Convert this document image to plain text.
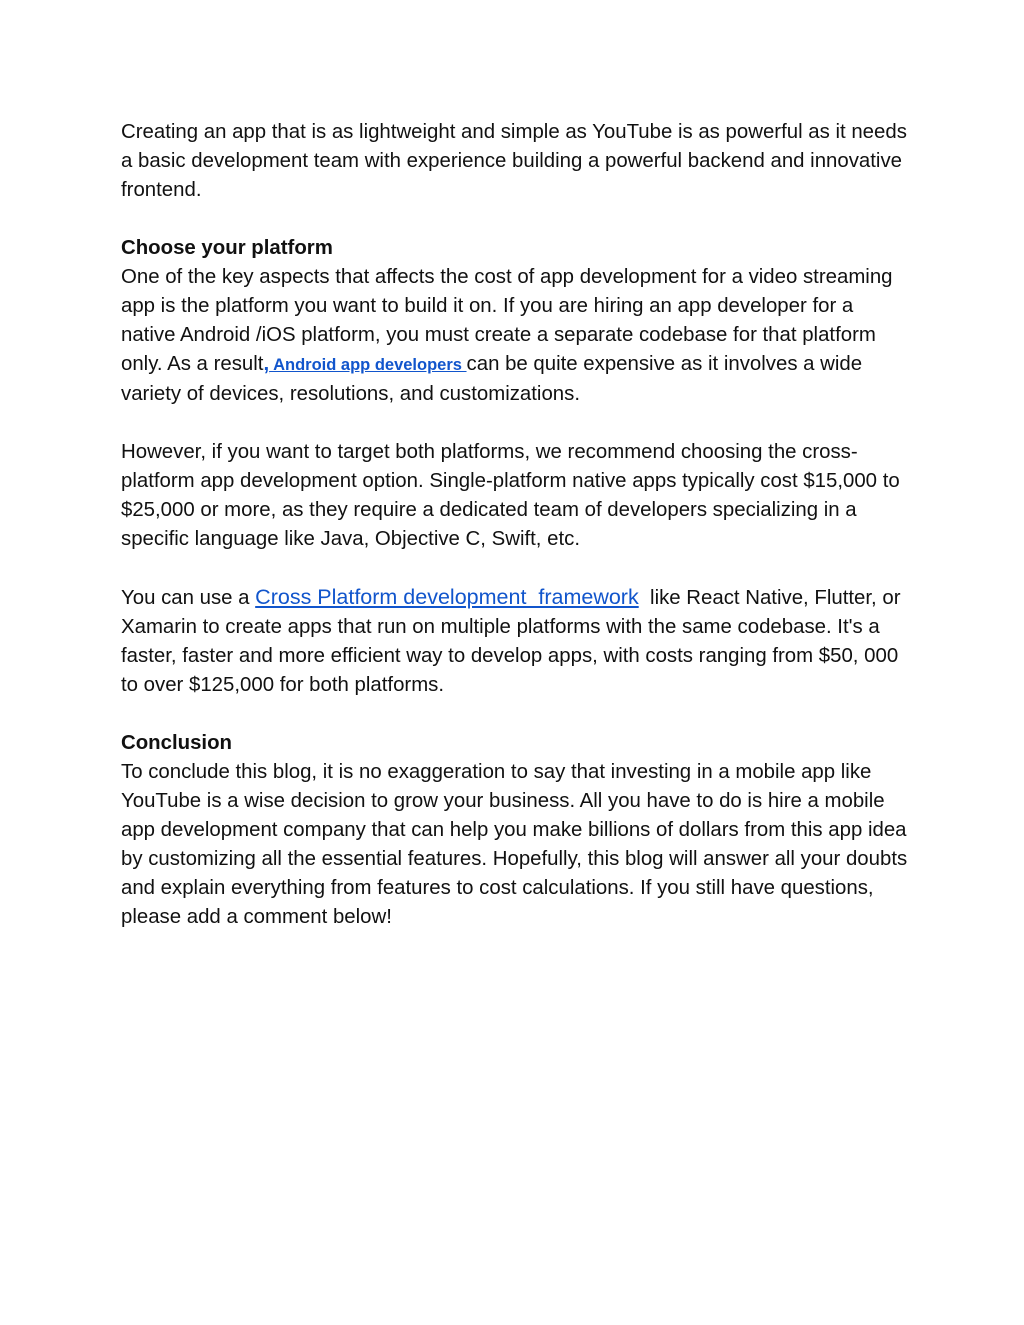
Creating an app that is as lightweight and simple as YouTube is as powerful as it needs a basic development team with experience building a powerful backend and innovative frontend.

Choose your platform

One of the key aspects that affects the cost of app development for a video streaming app is the platform you want to build it on. If you are hiring an app developer for a native Android /iOS platform, you must create a separate codebase for that platform only. As a result, Android app developers can be quite expensive as it involves a wide variety of devices, resolutions, and customizations.

However, if you want to target both platforms, we recommend choosing the cross-platform app development option. Single-platform native apps typically cost $15,000 to $25,000 or more, as they require a dedicated team of developers specializing in a specific language like Java, Objective C, Swift, etc.

You can use a Cross Platform development  framework  like React Native, Flutter, or Xamarin to create apps that run on multiple platforms with the same codebase. It's a faster, faster and more efficient way to develop apps, with costs ranging from $50, 000 to over $125,000 for both platforms.

Conclusion

To conclude this blog, it is no exaggeration to say that investing in a mobile app like YouTube is a wise decision to grow your business. All you have to do is hire a mobile app development company that can help you make billions of dollars from this app idea by customizing all the essential features. Hopefully, this blog will answer all your doubts and explain everything from features to cost calculations. If you still have questions, please add a comment below!
